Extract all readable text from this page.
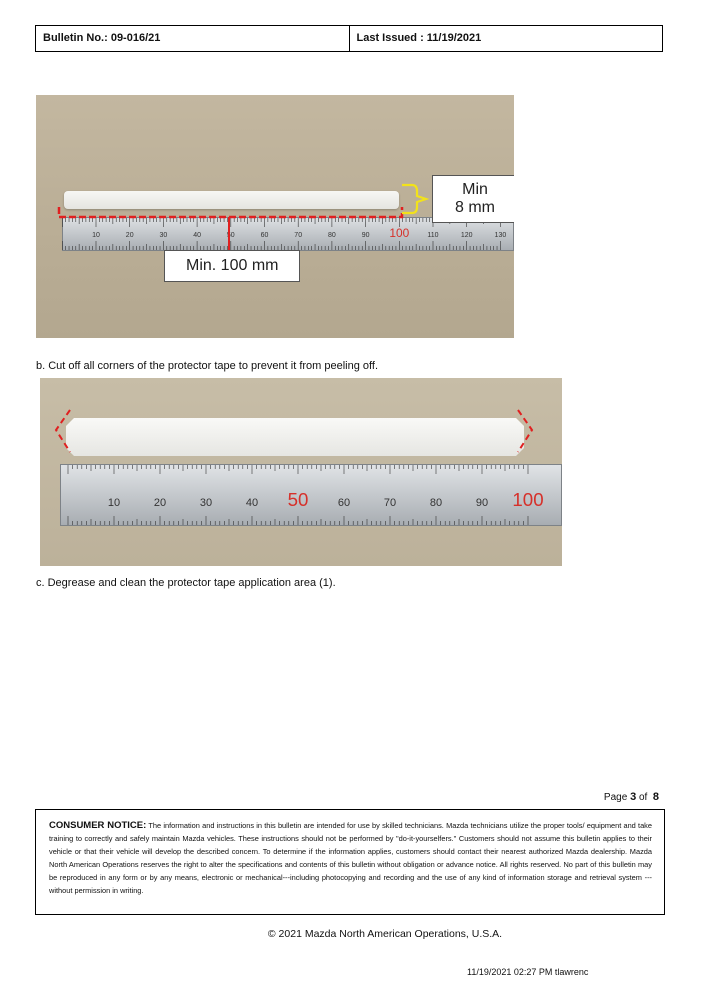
Bulletin No.: 09-016/21	Last Issued : 11/19/2021
10	20	30	40	50	60	70	80	90 100	110	120	130
Min
8 mm
Min. 100 mm
b. Cut off all corners of the protector tape to prevent it from peeling off.
10	20	30	40 50	60	70	80	90 100
c. Degrease and clean the protector tape application area (1).
Page 3 of 8
CONSUMER NOTICE: The information and instructions in this bulletin are intended for use by skilled technicians. Mazda technicians utilize the proper tools/ equipment and take training to correctly and safely maintain Mazda vehicles. These instructions should not be performed by "do-it-yourselfers." Customers should not assume this bulletin applies to their vehicle or that their vehicle will develop the described concern. To determine if the information applies, customers should contact their nearest authorized Mazda dealership. Mazda North American Operations reserves the right to alter the specifications and contents of this bulletin without obligation or advance notice. All rights reserved. No part of this bulletin may be reproduced in any form or by any means, electronic or mechanical---including photocopying and recording and the use of any kind of information storage and retrieval system ---without permission in writing.
© 2021 Mazda North American Operations, U.S.A.
11/19/2021 02:27 PM tlawrenc
